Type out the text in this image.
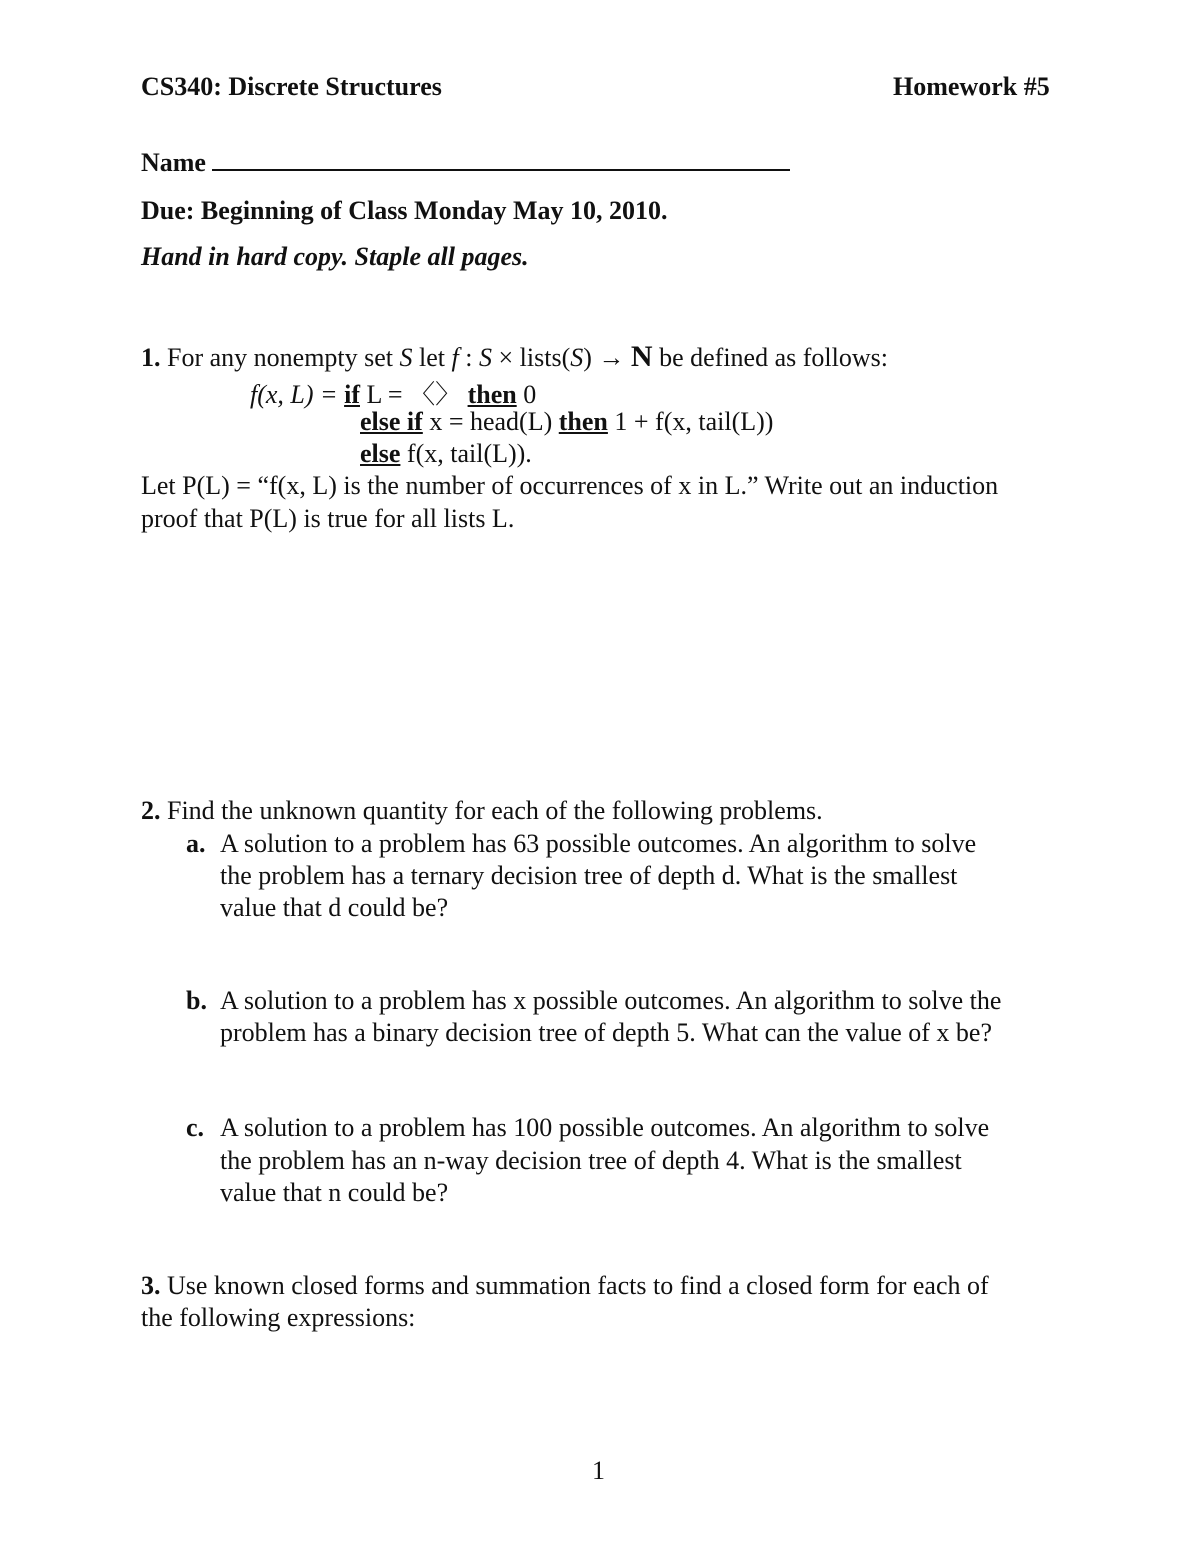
CS340: Discrete Structures	Homework #5
Name
Due: Beginning of Class Monday May 10, 2010.
Hand in hard copy. Staple all pages.
1. For any nonempty set S let f : S × lists(S) → N be defined as follows:
f(x, L) = if L = 〈〉 then 0
else if x = head(L) then 1 + f(x, tail(L))
else f(x, tail(L)).
Let P(L) = “f(x, L) is the number of occurrences of x in L.” Write out an induction
proof that P(L) is true for all lists L.
2. Find the unknown quantity for each of the following problems.
a. A solution to a problem has 63 possible outcomes. An algorithm to solve
the problem has a ternary decision tree of depth d. What is the smallest
value that d could be?
b. A solution to a problem has x possible outcomes. An algorithm to solve the
problem has a binary decision tree of depth 5. What can the value of x be?
c. A solution to a problem has 100 possible outcomes. An algorithm to solve
the problem has an n-way decision tree of depth 4. What is the smallest
value that n could be?
3. Use known closed forms and summation facts to find a closed form for each of
the following expressions:
1
